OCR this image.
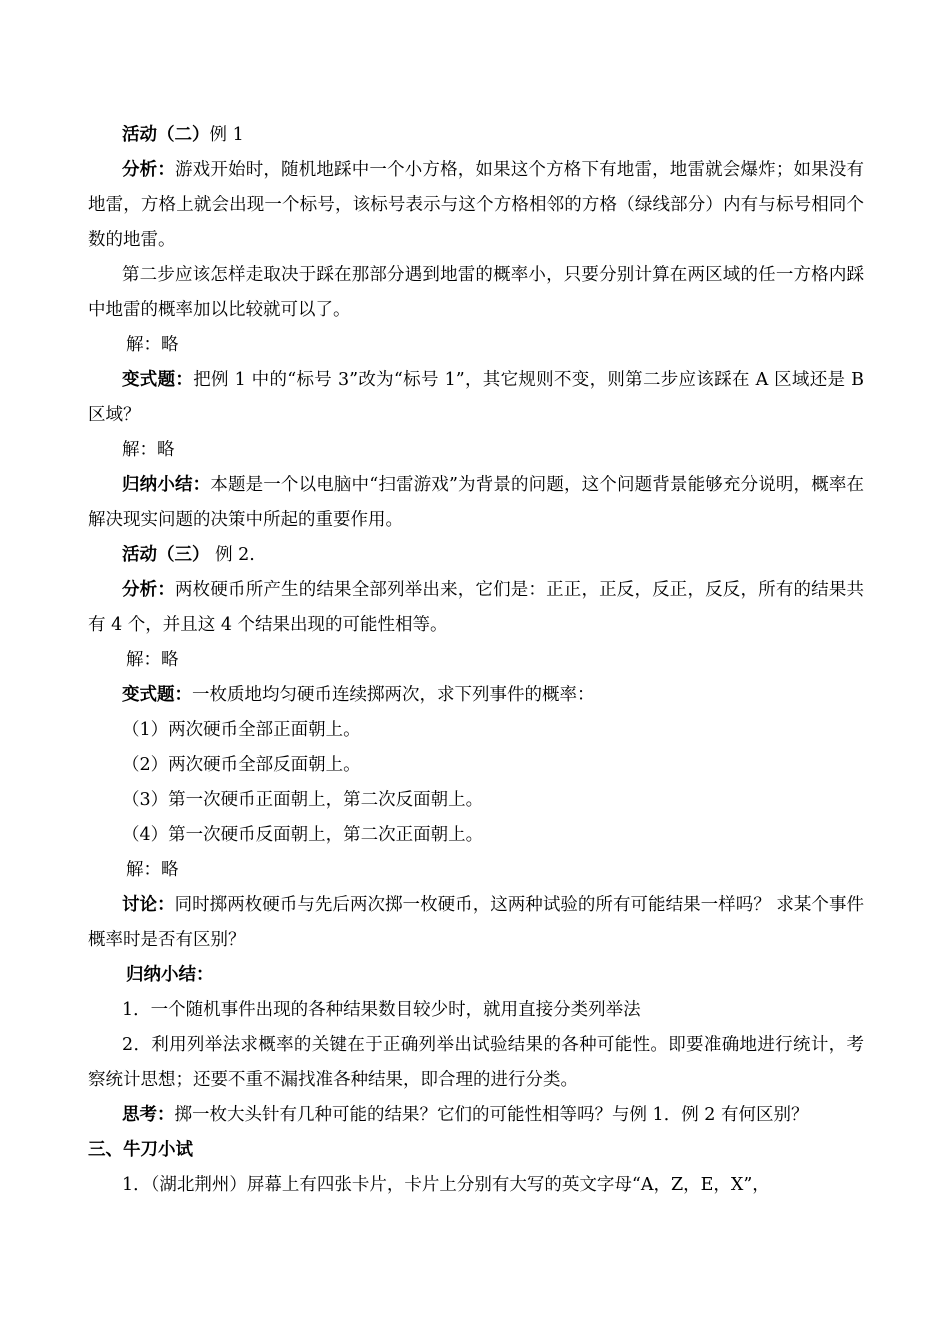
活动（二）例 1

分析：游戏开始时，随机地踩中一个小方格，如果这个方格下有地雷，地雷就会爆炸；如果没有地雷，方格上就会出现一个标号，该标号表示与这个方格相邻的方格（绿线部分）内有与标号相同个数的地雷。

第二步应该怎样走取决于踩在那部分遇到地雷的概率小，只要分别计算在两区域的任一方格内踩中地雷的概率加以比较就可以了。

解：略

变式题：把例 1 中的“标号 3”改为“标号 1”，其它规则不变，则第二步应该踩在 A 区域还是 B 区域？

解：略

归纳小结：本题是一个以电脑中“扫雷游戏”为背景的问题，这个问题背景能够充分说明，概率在解决现实问题的决策中所起的重要作用。

活动（三） 例 2.

分析：两枚硬币所产生的结果全部列举出来，它们是：正正，正反，反正，反反，所有的结果共有 4 个，并且这 4 个结果出现的可能性相等。

解：略

变式题：一枚质地均匀硬币连续掷两次，求下列事件的概率：

（1）两次硬币全部正面朝上。

（2）两次硬币全部反面朝上。

（3）第一次硬币正面朝上，第二次反面朝上。

（4）第一次硬币反面朝上，第二次正面朝上。

解：略

讨论：同时掷两枚硬币与先后两次掷一枚硬币，这两种试验的所有可能结果一样吗？ 求某个事件概率时是否有区别？

归纳小结：

1．一个随机事件出现的各种结果数目较少时，就用直接分类列举法

2．利用列举法求概率的关键在于正确列举出试验结果的各种可能性。即要准确地进行统计，考察统计思想；还要不重不漏找准各种结果，即合理的进行分类。

思考：掷一枚大头针有几种可能的结果？它们的可能性相等吗？与例 1．例 2 有何区别？

三、牛刀小试

1．（湖北荆州）屏幕上有四张卡片，卡片上分别有大写的英文字母“A，Z，E，X”，
